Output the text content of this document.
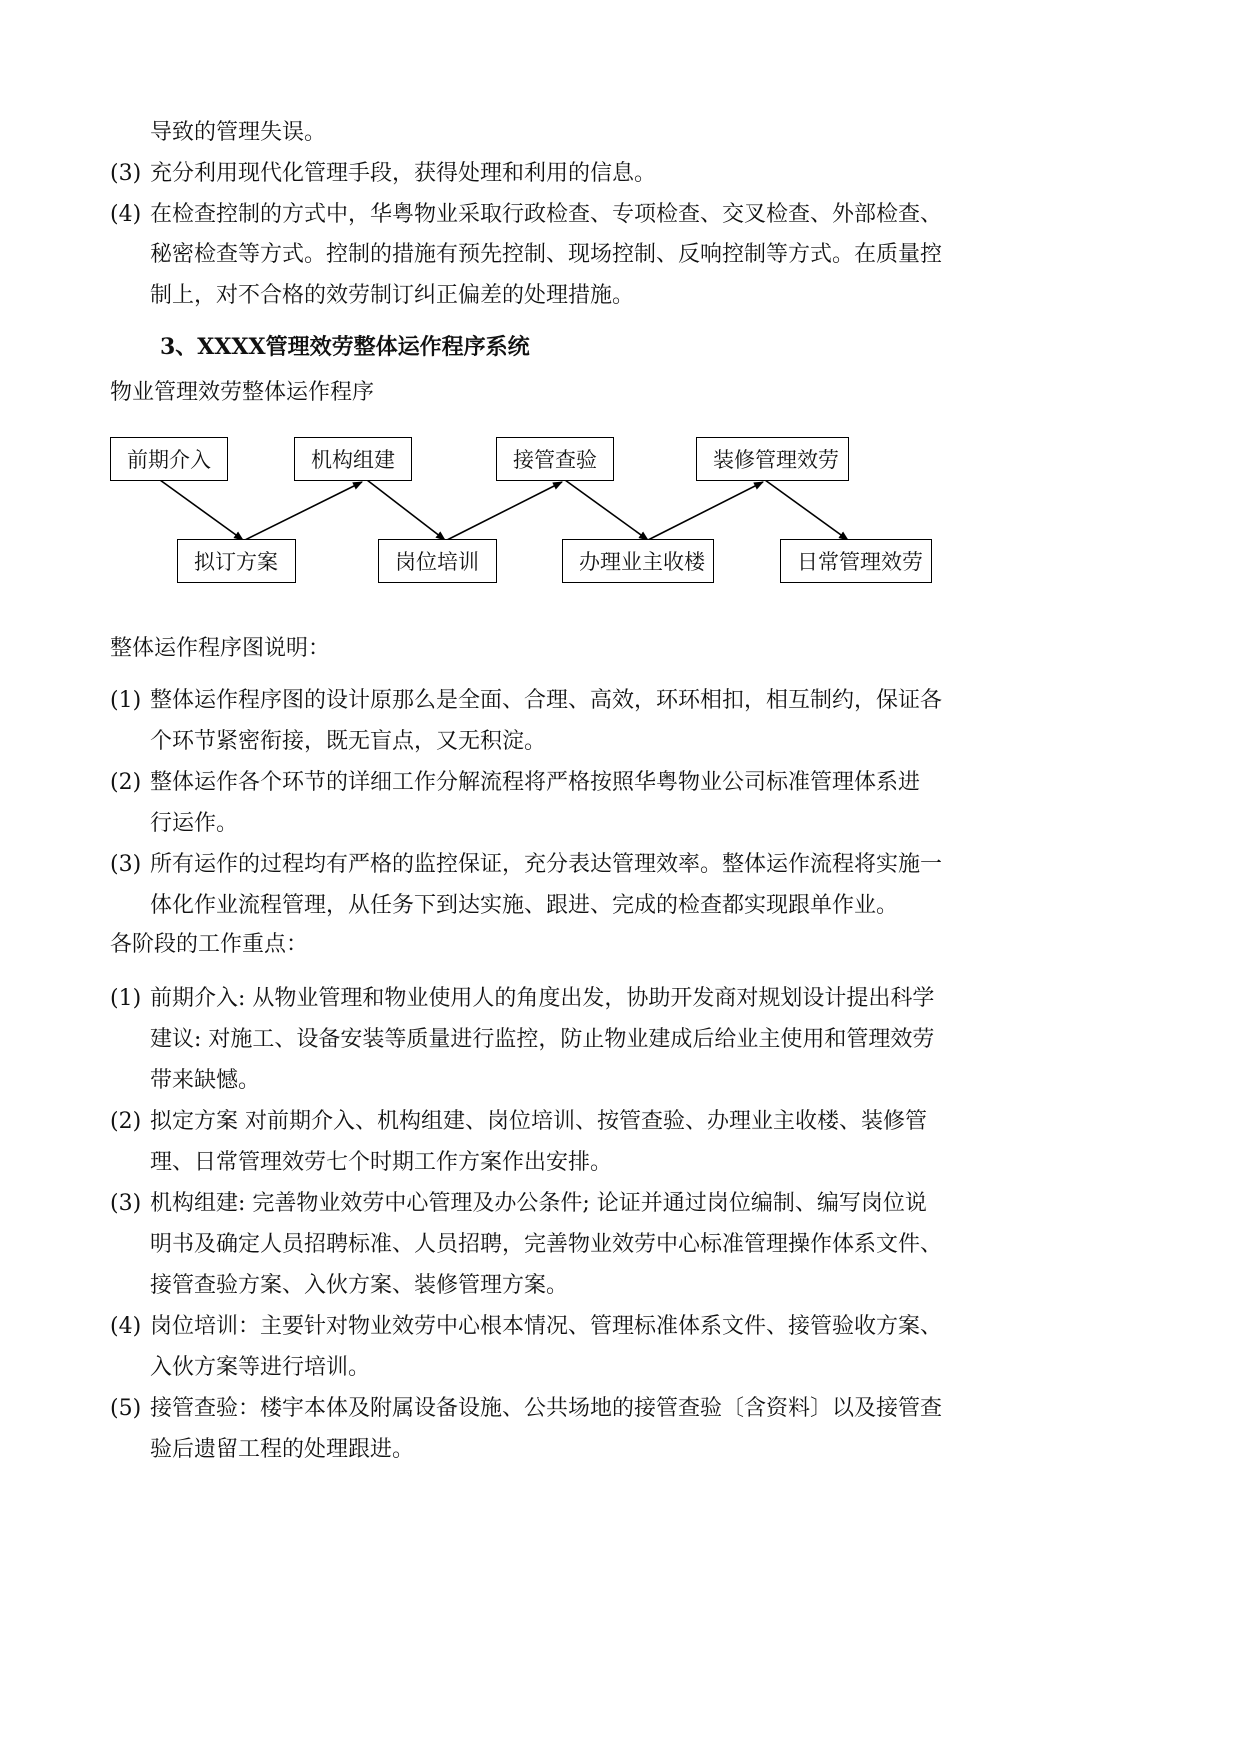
导致的管理失误。
(3) 充分利用现代化管理手段，获得处理和利用的信息。
(4) 在检查控制的方式中，华粤物业采取行政检查、专项检查、交叉检查、外部检查、
秘密检查等方式。控制的措施有预先控制、现场控制、反响控制等方式。在质量控
制上，对不合格的效劳制订纠正偏差的处理措施。
3、XXXX管理效劳整体运作程序系统
物业管理效劳整体运作程序
前期介入	机构组建	接管查验	装修管理效劳
拟订方案	岗位培训	办理业主收楼	日常管理效劳
整体运作程序图说明：
(1) 整体运作程序图的设计原那么是全面、合理、高效，环环相扣，相互制约，保证各
个环节紧密衔接，既无盲点，又无积淀。
(2) 整体运作各个环节的详细工作分解流程将严格按照华粤物业公司标准管理体系进
行运作。
(3) 所有运作的过程均有严格的监控保证，充分表达管理效率。整体运作流程将实施一
体化作业流程管理，从任务下到达实施、跟进、完成的检查都实现跟单作业。
各阶段的工作重点：
(1) 前期介入: 从物业管理和物业使用人的角度出发，协助开发商对规划设计提出科学
建议: 对施工、设备安装等质量进行监控，防止物业建成后给业主使用和管理效劳
带来缺憾。
(2) 拟定方案 对前期介入、机构组建、岗位培训、按管查验、办理业主收楼、装修管
理、日常管理效劳七个时期工作方案作出安排。
(3) 机构组建: 完善物业效劳中心管理及办公条件; 论证并通过岗位编制、编写岗位说
明书及确定人员招聘标准、人员招聘，完善物业效劳中心标准管理操作体系文件、
接管查验方案、入伙方案、装修管理方案。
(4) 岗位培训：主要针对物业效劳中心根本情况、管理标准体系文件、接管验收方案、
入伙方案等进行培训。
(5) 接管查验：楼宇本体及附属设备设施、公共场地的接管查验〔含资料〕以及接管查
验后遗留工程的处理跟进。
